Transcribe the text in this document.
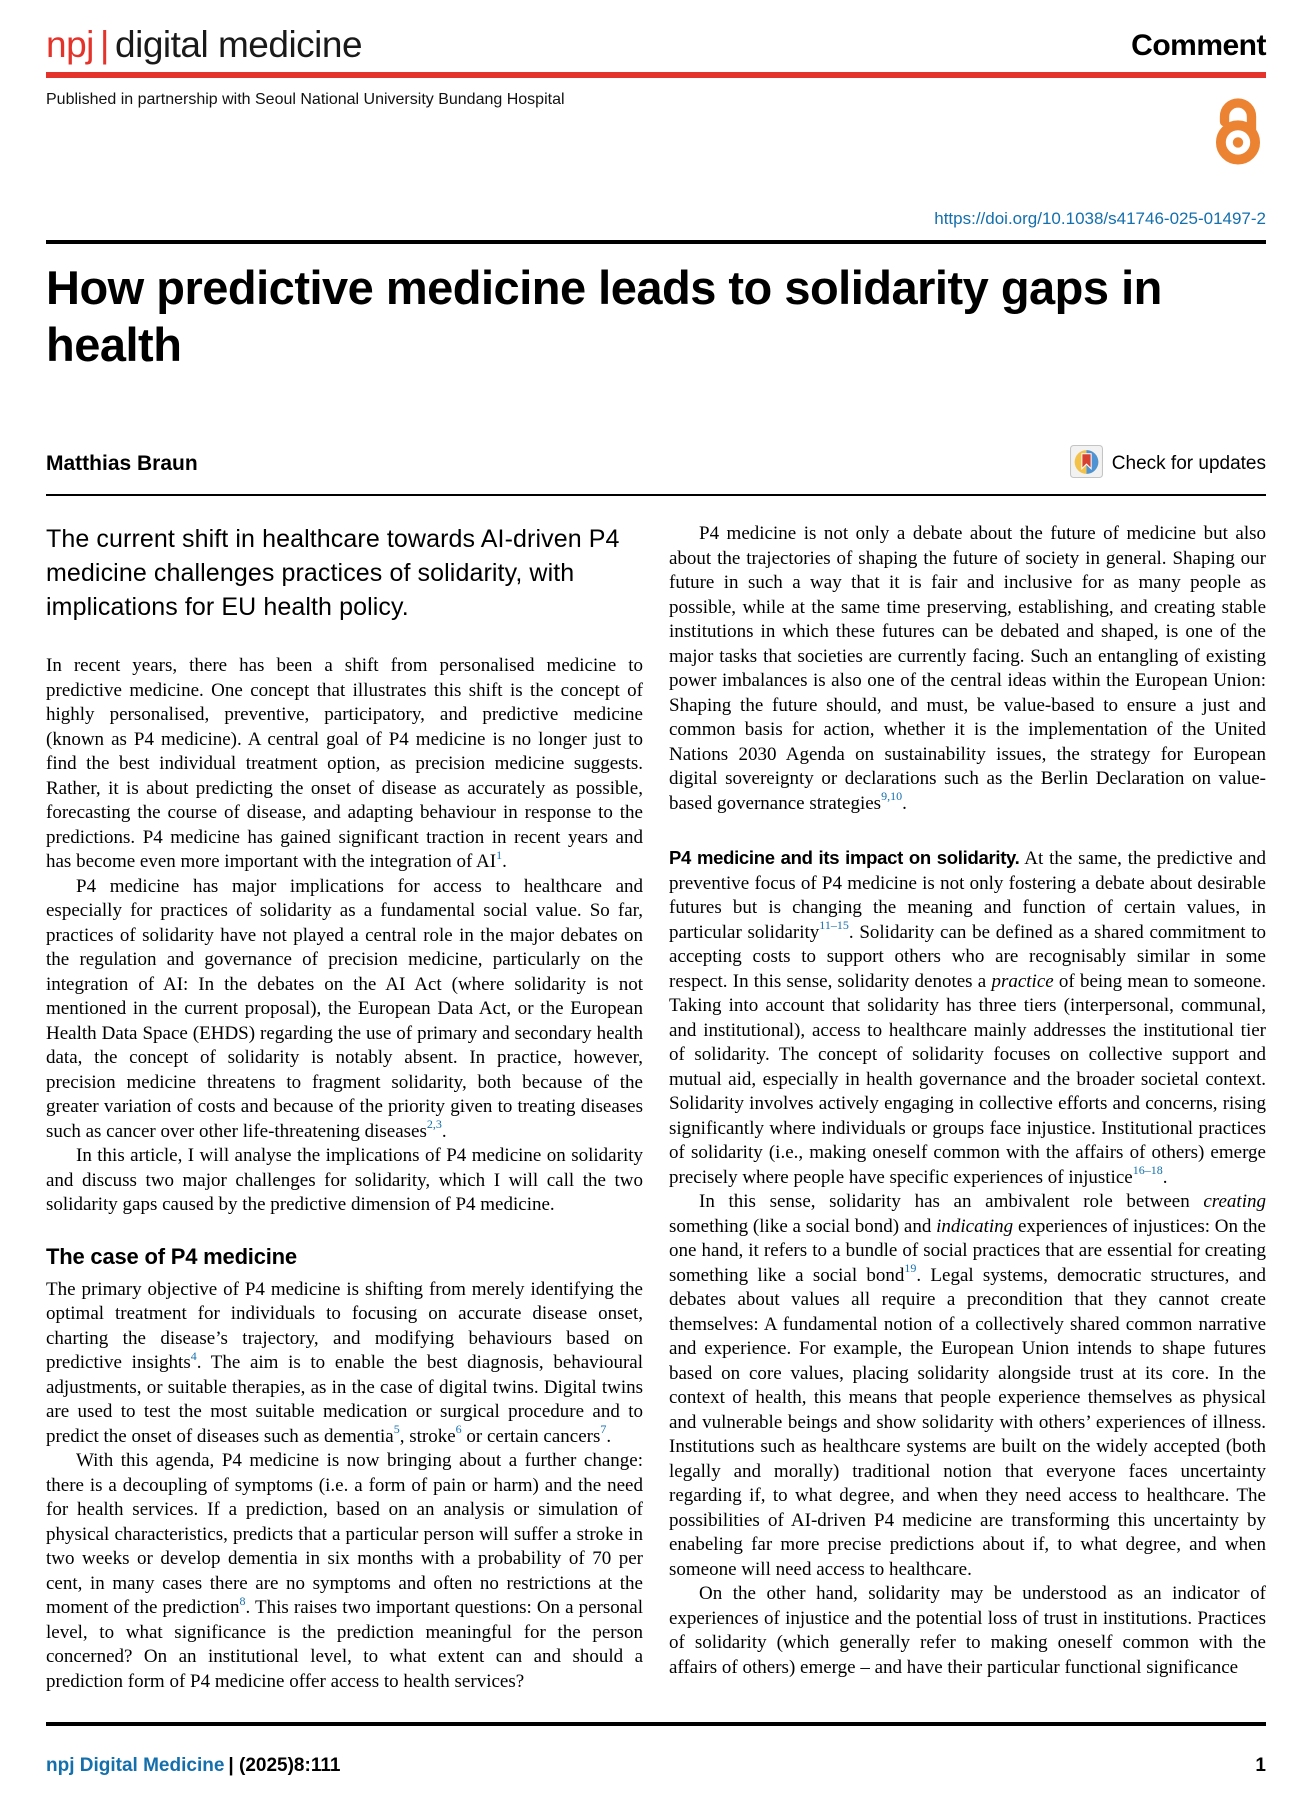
npj | digital medicine	Comment
Published in partnership with Seoul National University Bundang Hospital
https://doi.org/10.1038/s41746-025-01497-2
How predictive medicine leads to solidarity gaps in health
Matthias Braun	Check for updates

The current shift in healthcare towards AI-driven P4 medicine challenges practices of solidarity, with implications for EU health policy.

In recent years, there has been a shift from personalised medicine to predictive medicine. One concept that illustrates this shift is the concept of highly personalised, preventive, participatory, and predictive medicine (known as P4 medicine). A central goal of P4 medicine is no longer just to find the best individual treatment option, as precision medicine suggests. Rather, it is about predicting the onset of disease as accurately as possible, forecasting the course of disease, and adapting behaviour in response to the predictions. P4 medicine has gained significant traction in recent years and has become even more important with the integration of AI$^1$.

P4 medicine has major implications for access to healthcare and especially for practices of solidarity as a fundamental social value. So far, practices of solidarity have not played a central role in the major debates on the regulation and governance of precision medicine, particularly on the integration of AI: In the debates on the AI Act (where solidarity is not mentioned in the current proposal), the European Data Act, or the European Health Data Space (EHDS) regarding the use of primary and secondary health data, the concept of solidarity is notably absent. In practice, however, precision medicine threatens to fragment solidarity, both because of the greater variation of costs and because of the priority given to treating diseases such as cancer over other life-threatening diseases$^{2,3}$.

In this article, I will analyse the implications of P4 medicine on solidarity and discuss two major challenges for solidarity, which I will call the two solidarity gaps caused by the predictive dimension of P4 medicine.

The case of P4 medicine

The primary objective of P4 medicine is shifting from merely identifying the optimal treatment for individuals to focusing on accurate disease onset, charting the disease’s trajectory, and modifying behaviours based on predictive insights$^4$. The aim is to enable the best diagnosis, behavioural adjustments, or suitable therapies, as in the case of digital twins. Digital twins are used to test the most suitable medication or surgical procedure and to predict the onset of diseases such as dementia$^5$, stroke$^6$ or certain cancers$^7$.

With this agenda, P4 medicine is now bringing about a further change: there is a decoupling of symptoms (i.e. a form of pain or harm) and the need for health services. If a prediction, based on an analysis or simulation of physical characteristics, predicts that a particular person will suffer a stroke in two weeks or develop dementia in six months with a probability of 70 per cent, in many cases there are no symptoms and often no restrictions at the moment of the prediction$^8$. This raises two important questions: On a personal level, to what significance is the prediction meaningful for the person concerned? On an institutional level, to what extent can and should a prediction form of P4 medicine offer access to health services?

P4 medicine is not only a debate about the future of medicine but also about the trajectories of shaping the future of society in general. Shaping our future in such a way that it is fair and inclusive for as many people as possible, while at the same time preserving, establishing, and creating stable institutions in which these futures can be debated and shaped, is one of the major tasks that societies are currently facing. Such an entangling of existing power imbalances is also one of the central ideas within the European Union: Shaping the future should, and must, be value-based to ensure a just and common basis for action, whether it is the implementation of the United Nations 2030 Agenda on sustainability issues, the strategy for European digital sovereignty or declarations such as the Berlin Declaration on value-based governance strategies$^{9,10}$.

P4 medicine and its impact on solidarity. At the same, the predictive and preventive focus of P4 medicine is not only fostering a debate about desirable futures but is changing the meaning and function of certain values, in particular solidarity$^{11-15}$. Solidarity can be defined as a shared commitment to accepting costs to support others who are recognisably similar in some respect. In this sense, solidarity denotes a practice of being mean to someone. Taking into account that solidarity has three tiers (interpersonal, communal, and institutional), access to healthcare mainly addresses the institutional tier of solidarity. The concept of solidarity focuses on collective support and mutual aid, especially in health governance and the broader societal context. Solidarity involves actively engaging in collective efforts and concerns, rising significantly where individuals or groups face injustice. Institutional practices of solidarity (i.e., making oneself common with the affairs of others) emerge precisely where people have specific experiences of injustice$^{16-18}$.

In this sense, solidarity has an ambivalent role between creating something (like a social bond) and indicating experiences of injustices: On the one hand, it refers to a bundle of social practices that are essential for creating something like a social bond$^{19}$. Legal systems, democratic structures, and debates about values all require a precondition that they cannot create themselves: A fundamental notion of a collectively shared common narrative and experience. For example, the European Union intends to shape futures based on core values, placing solidarity alongside trust at its core. In the context of health, this means that people experience themselves as physical and vulnerable beings and show solidarity with others’ experiences of illness. Institutions such as healthcare systems are built on the widely accepted (both legally and morally) traditional notion that everyone faces uncertainty regarding if, to what degree, and when they need access to healthcare. The possibilities of AI-driven P4 medicine are transforming this uncertainty by enabeling far more precise predictions about if, to what degree, and when someone will need access to healthcare.

On the other hand, solidarity may be understood as an indicator of experiences of injustice and the potential loss of trust in institutions. Practices of solidarity (which generally refer to making oneself common with the affairs of others) emerge – and have their particular functional significance

npj Digital Medicine | (2025)8:111	1
